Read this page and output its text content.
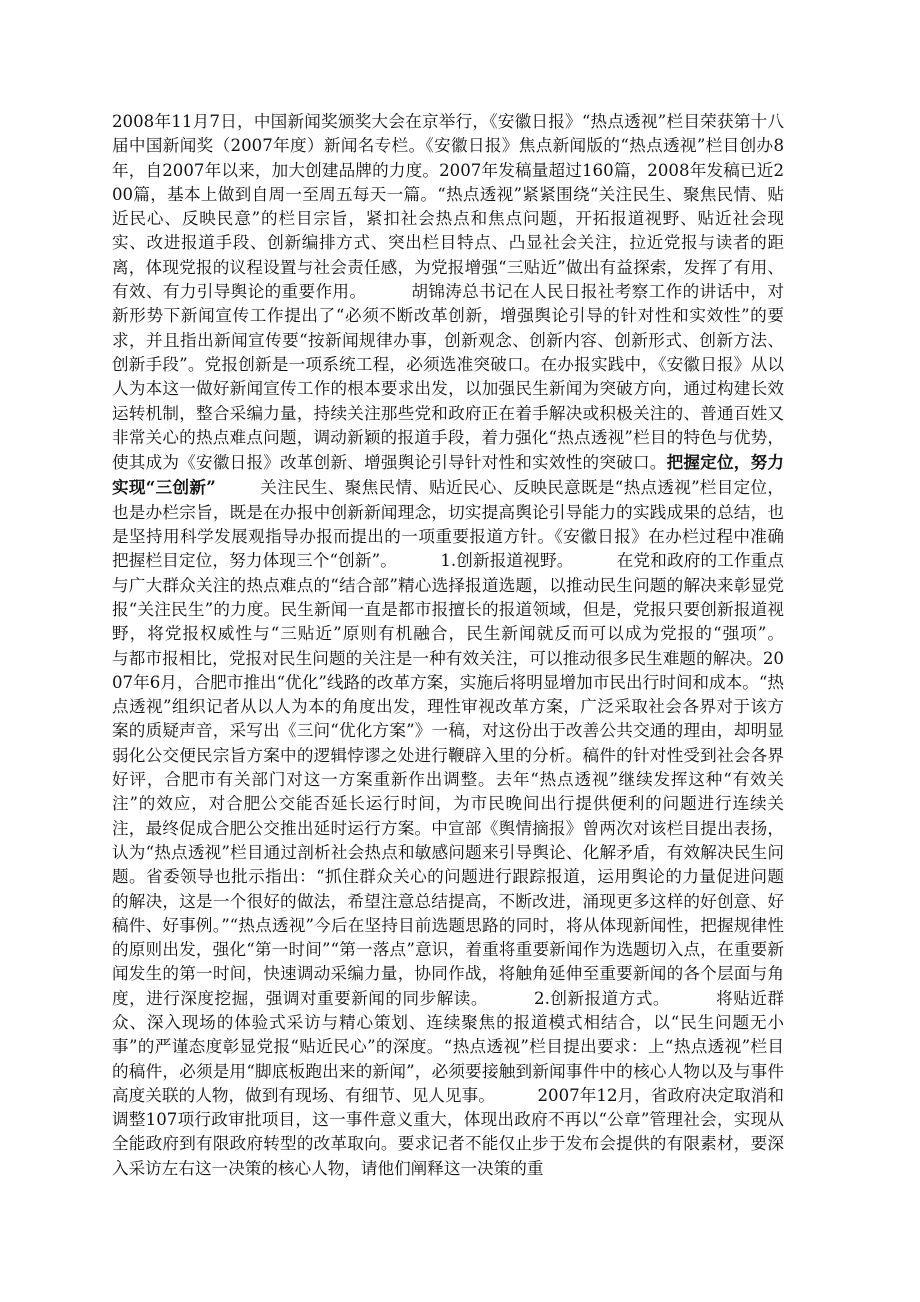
2008年11月7日，中国新闻奖颁奖大会在京举行，《安徽日报》“热点透视”栏目荣获第十八届中国新闻奖（2007年度）新闻名专栏。《安徽日报》焦点新闻版的“热点透视”栏目创办8年，自2007年以来，加大创建品牌的力度。2007年发稿量超过160篇，2008年发稿已近200篇，基本上做到自周一至周五每天一篇。“热点透视”紧紧围绕“关注民生、聚焦民情、贴近民心、反映民意”的栏目宗旨，紧扣社会热点和焦点问题，开拓报道视野、贴近社会现实、改进报道手段、创新编排方式、突出栏目特点、凸显社会关注，拉近党报与读者的距离，体现党报的议程设置与社会责任感，为党报增强“三贴近”做出有益探索，发挥了有用、有效、有力引导舆论的重要作用。        胡锦涛总书记在人民日报社考察工作的讲话中，对新形势下新闻宣传工作提出了“必须不断改革创新，增强舆论引导的针对性和实效性”的要求，并且指出新闻宣传要“按新闻规律办事，创新观念、创新内容、创新形式、创新方法、创新手段”。党报创新是一项系统工程，必须选准突破口。在办报实践中，《安徽日报》从以人为本这一做好新闻宣传工作的根本要求出发，以加强民生新闻为突破方向，通过构建长效运转机制，整合采编力量，持续关注那些党和政府正在着手解决或积极关注的、普通百姓又非常关心的热点难点问题，调动新颖的报道手段，着力强化“热点透视”栏目的特色与优势，使其成为《安徽日报》改革创新、增强舆论引导针对性和实效性的突破口。把握定位，努力实现“三创新”        关注民生、聚焦民情、贴近民心、反映民意既是“热点透视”栏目定位，也是办栏宗旨，既是在办报中创新新闻理念，切实提高舆论引导能力的实践成果的总结，也是坚持用科学发展观指导办报而提出的一项重要报道方针。《安徽日报》在办栏过程中准确把握栏目定位，努力体现三个“创新”。        1.创新报道视野。        在党和政府的工作重点与广大群众关注的热点难点的“结合部”精心选择报道选题，以推动民生问题的解决来彰显党报“关注民生”的力度。民生新闻一直是都市报擅长的报道领域，但是，党报只要创新报道视野，将党报权威性与“三贴近”原则有机融合，民生新闻就反而可以成为党报的“强项”。        与都市报相比，党报对民生问题的关注是一种有效关注，可以推动很多民生难题的解决。2007年6月，合肥市推出“优化”线路的改革方案，实施后将明显增加市民出行时间和成本。“热点透视”组织记者从以人为本的角度出发，理性审视改革方案，广泛采取社会各界对于该方案的质疑声音，采写出《三问“优化方案”》一稿，对这份出于改善公共交通的理由，却明显弱化公交便民宗旨方案中的逻辑悖谬之处进行鞭辟入里的分析。稿件的针对性受到社会各界好评，合肥市有关部门对这一方案重新作出调整。去年“热点透视”继续发挥这种“有效关注”的效应，对合肥公交能否延长运行时间，为市民晚间出行提供便利的问题进行连续关注，最终促成合肥公交推出延时运行方案。中宣部《舆情摘报》曾两次对该栏目提出表扬，认为“热点透视”栏目通过剖析社会热点和敏感问题来引导舆论、化解矛盾，有效解决民生问题。省委领导也批示指出：“抓住群众关心的问题进行跟踪报道，运用舆论的力量促进问题的解决，这是一个很好的做法，希望注意总结提高，不断改进，涌现更多这样的好创意、好稿件、好事例。”“热点透视”今后在坚持目前选题思路的同时，将从体现新闻性，把握规律性的原则出发，强化“第一时间”“第一落点”意识，着重将重要新闻作为选题切入点，在重要新闻发生的第一时间，快速调动采编力量，协同作战，将触角延伸至重要新闻的各个层面与角度，进行深度挖掘，强调对重要新闻的同步解读。        2.创新报道方式。        将贴近群众、深入现场的体验式采访与精心策划、连续聚焦的报道模式相结合，以“民生问题无小事”的严谨态度彰显党报“贴近民心”的深度。“热点透视”栏目提出要求：上“热点透视”栏目的稿件，必须是用“脚底板跑出来的新闻”，必须要接触到新闻事件中的核心人物以及与事件高度关联的人物，做到有现场、有细节、见人见事。        2007年12月，省政府决定取消和调整107项行政审批项目，这一事件意义重大，体现出政府不再以“公章”管理社会，实现从全能政府到有限政府转型的改革取向。要求记者不能仅止步于发布会提供的有限素材，要深入采访左右这一决策的核心人物，请他们阐释这一决策的重
